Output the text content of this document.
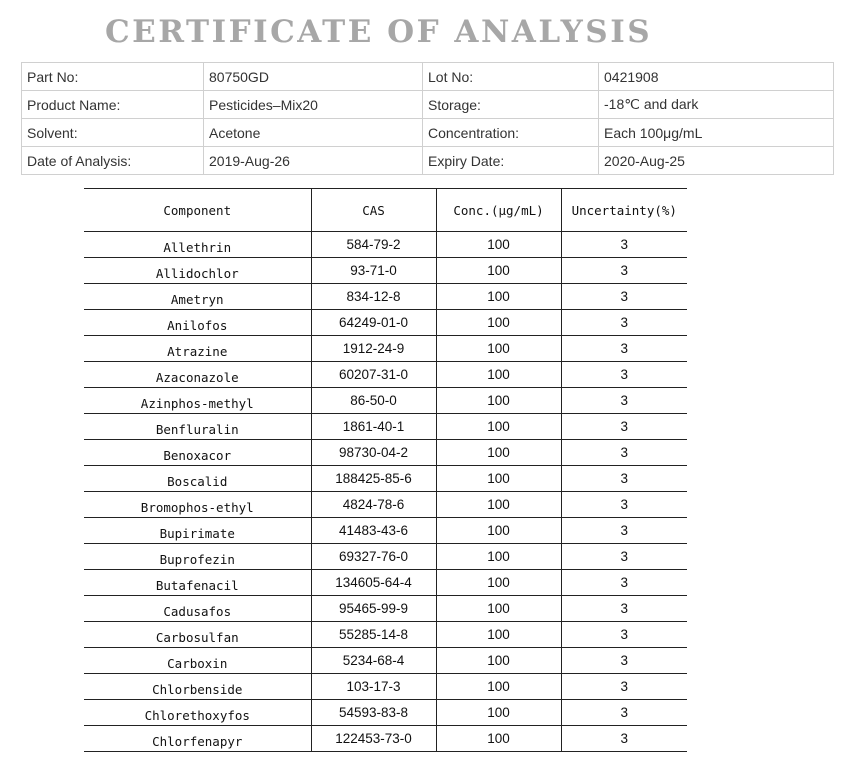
CERTIFICATE OF ANALYSIS
Part No:	80750GD	Lot No:	0421908
Product Name:	Pesticides–Mix20	Storage:	-18℃ and dark
Solvent:	Acetone	Concentration:	Each 100μg/mL
Date of Analysis:	2019-Aug-26	Expiry Date:	2020-Aug-25
Component	CAS	Conc.(μg/mL)	Uncertainty(%)
Allethrin	584-79-2	100	3
Allidochlor	93-71-0	100	3
Ametryn	834-12-8	100	3
Anilofos	64249-01-0	100	3
Atrazine	1912-24-9	100	3
Azaconazole	60207-31-0	100	3
Azinphos-methyl	86-50-0	100	3
Benfluralin	1861-40-1	100	3
Benoxacor	98730-04-2	100	3
Boscalid	188425-85-6	100	3
Bromophos-ethyl	4824-78-6	100	3
Bupirimate	41483-43-6	100	3
Buprofezin	69327-76-0	100	3
Butafenacil	134605-64-4	100	3
Cadusafos	95465-99-9	100	3
Carbosulfan	55285-14-8	100	3
Carboxin	5234-68-4	100	3
Chlorbenside	103-17-3	100	3
Chlorethoxyfos	54593-83-8	100	3
Chlorfenapyr	122453-73-0	100	3
